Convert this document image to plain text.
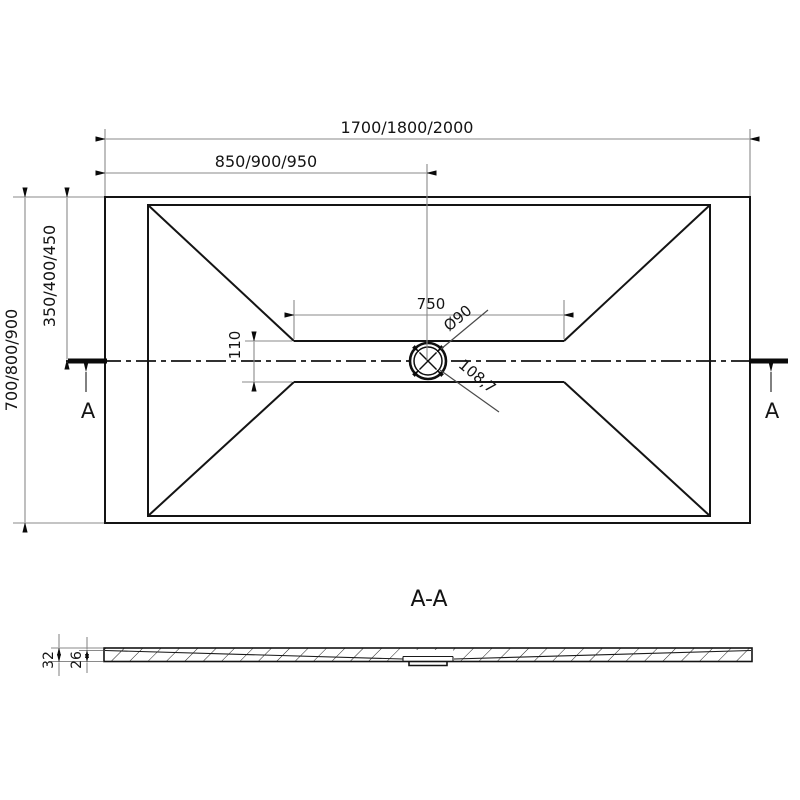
A	A
1700/1800/2000
850/900/950
700/800/900
350/400/450
110
750
Ø90
108,7
A-A
32 26
